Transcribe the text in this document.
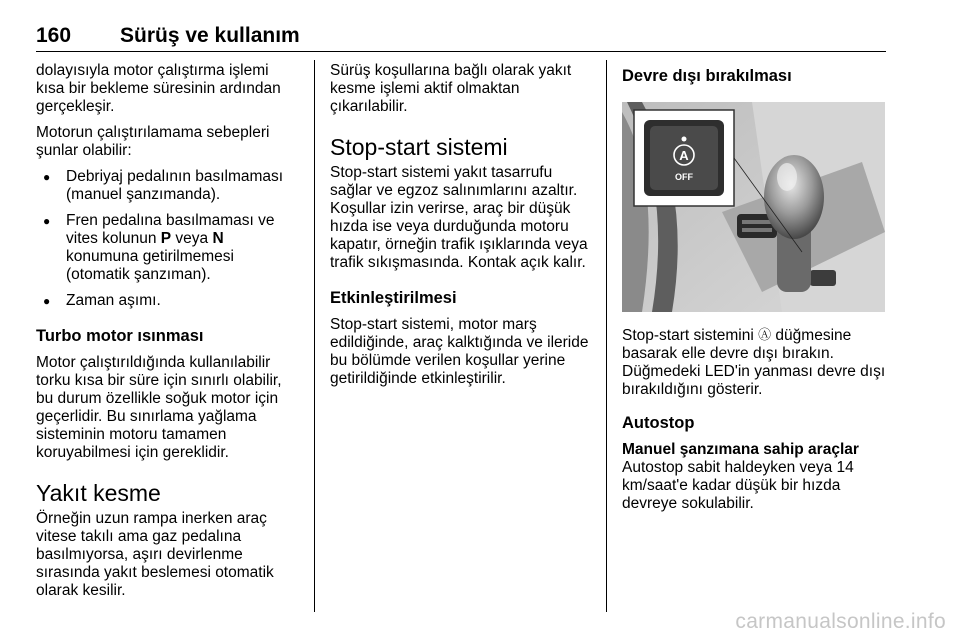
160 Sürüş ve kullanım

dolayısıyla motor çalıştırma işlemi kısa bir bekleme süresinin ardından gerçekleşir.

Motorun çalıştırılamama sebepleri şunlar olabilir:

● Debriyaj pedalının basılmaması (manuel şanzımanda).
● Fren pedalına basılmaması ve vites kolunun P veya N konumuna getirilmemesi (otomatik şanzıman).
● Zaman aşımı.
Turbo motor ısınması

Motor çalıştırıldığında kullanılabilir torku kısa bir süre için sınırlı olabilir, bu durum özellikle soğuk motor için geçerlidir. Bu sınırlama yağlama sisteminin motoru tamamen koruyabilmesi için gereklidir.

Yakıt kesme

Örneğin uzun rampa inerken araç vitese takılı ama gaz pedalına basılmıyorsa, aşırı devirlenme sırasında yakıt beslemesi otomatik olarak kesilir.

Sürüş koşullarına bağlı olarak yakıt kesme işlemi aktif olmaktan çıkarılabilir.

Stop-start sistemi

Stop-start sistemi yakıt tasarrufu sağlar ve egzoz salınımlarını azaltır. Koşullar izin verirse, araç bir düşük hızda ise veya durduğunda motoru kapatır, örneğin trafik ışıklarında veya trafik sıkışmasında. Kontak açık kalır.

Etkinleştirilmesi

Stop-start sistemi, motor marş edildiğinde, araç kalktığında ve ileride bu bölümde verilen koşullar yerine getirildiğinde etkinleştirilir.

Devre dışı bırakılması
A
OFF

Stop-start sistemini Ⓐ düğmesine basarak elle devre dışı bırakın. Düğmedeki LED'in yanması devre dışı bırakıldığını gösterir.

Autostop
Manuel şanzımana sahip araçlar

Autostop sabit haldeyken veya 14 km/saat'e kadar düşük bir hızda devreye sokulabilir.

carmanualsonline.info
